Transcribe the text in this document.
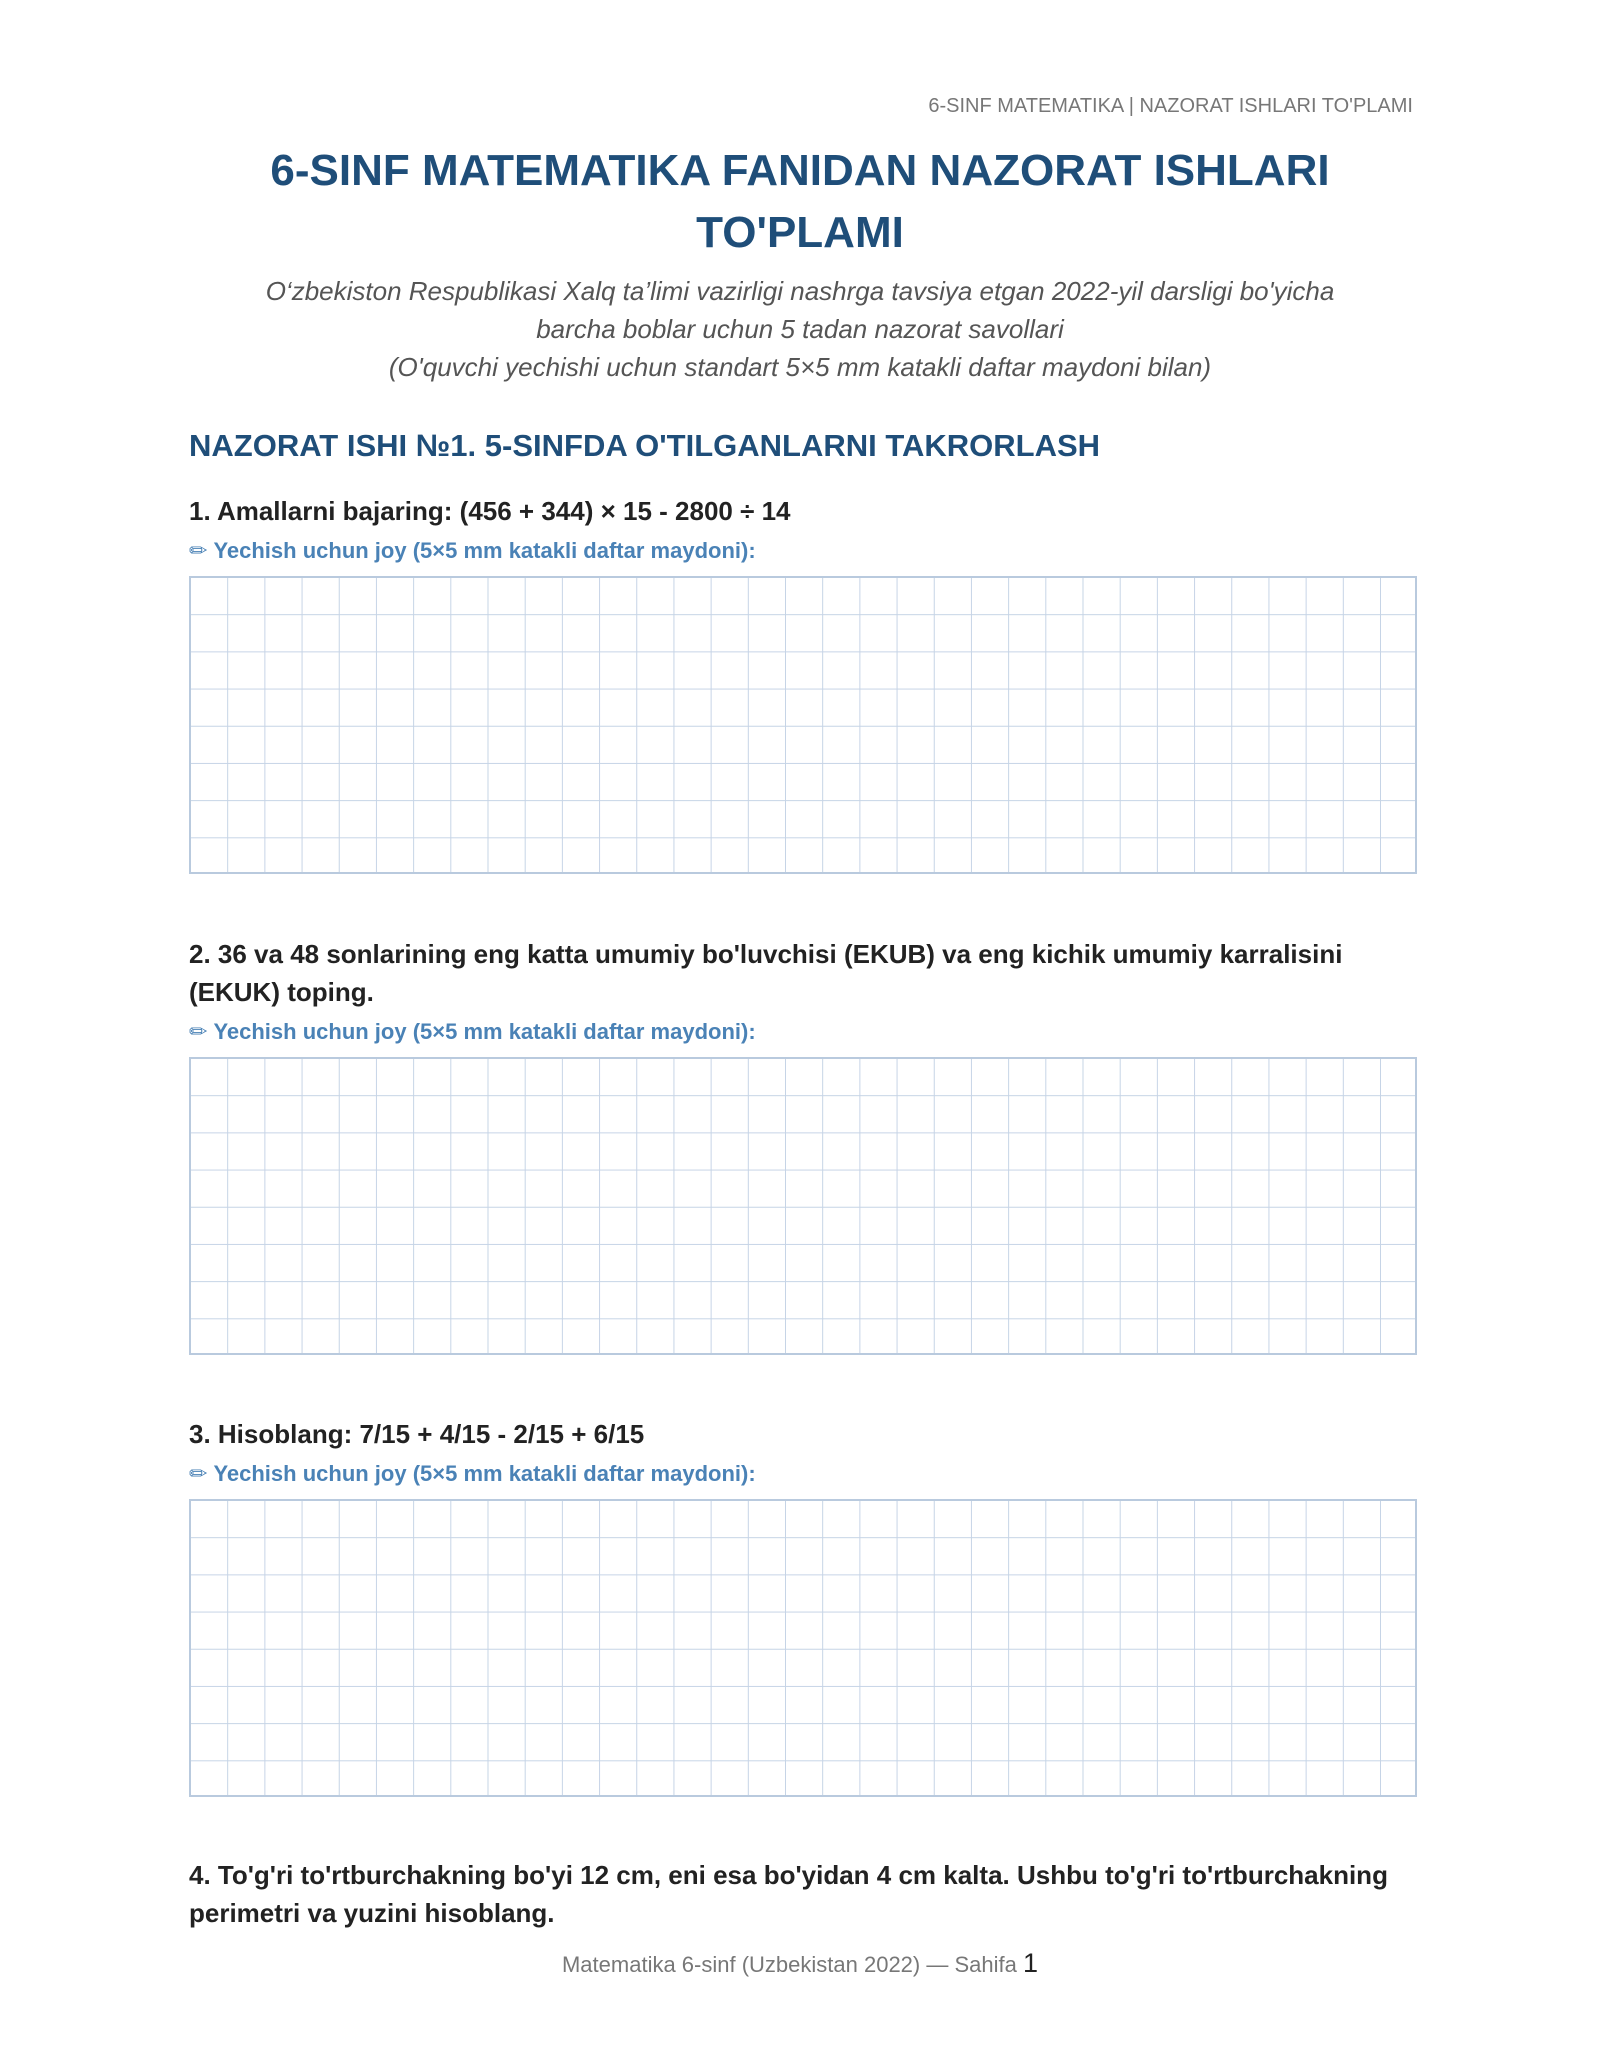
6-SINF MATEMATIKA | NAZORAT ISHLARI TO'PLAMI
6-SINF MATEMATIKA FANIDAN NAZORAT ISHLARI TO'PLAMI
O‘zbekiston Respublikasi Xalq ta’limi vazirligi nashrga tavsiya etgan 2022-yil darsligi bo'yicha
barcha boblar uchun 5 tadan nazorat savollari
(O'quvchi yechishi uchun standart 5×5 mm katakli daftar maydoni bilan)
NAZORAT ISHI №1. 5-SINFDA O'TILGANLARNI TAKRORLASH

1. Amallarni bajaring: (456 + 344) × 15 - 2800 ÷ 14

✏ Yechish uchun joy (5×5 mm katakli daftar maydoni):

2. 36 va 48 sonlarining eng katta umumiy bo'luvchisi (EKUB) va eng kichik umumiy karralisini (EKUK) toping.

✏ Yechish uchun joy (5×5 mm katakli daftar maydoni):

3. Hisoblang: 7/15 + 4/15 - 2/15 + 6/15

✏ Yechish uchun joy (5×5 mm katakli daftar maydoni):

4. To'g'ri to'rtburchakning bo'yi 12 cm, eni esa bo'yidan 4 cm kalta. Ushbu to'g'ri to'rtburchakning perimetri va yuzini hisoblang.

Matematika 6-sinf (Uzbekistan 2022) — Sahifa 1
